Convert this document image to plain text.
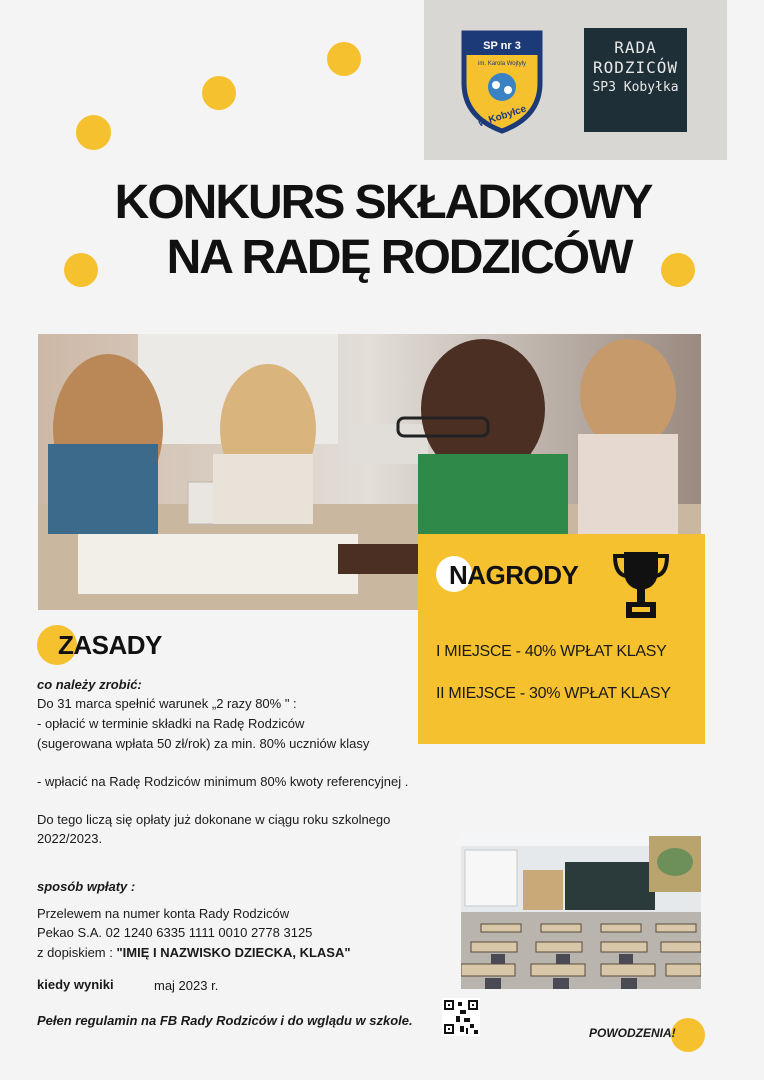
SP nr 3
im. Karola Wojtyły
w Kobyłce
RADA
RODZICÓW
SP3 Kobyłka
KONKURS SKŁADKOWY
NA RADĘ RODZICÓW
NAGRODY
I MIEJSCE - 40% WPŁAT KLASY
II MIEJSCE - 30% WPŁAT KLASY
ZASADY
co należy zrobić:
Do 31 marca spełnić warunek „2 razy 80% " :
- opłacić w terminie składki na Radę Rodziców
(sugerowana wpłata 50 zł/rok) za min. 80% uczniów klasy
- wpłacić na Radę Rodziców minimum 80% kwoty referencyjnej .
Do tego liczą się opłaty już dokonane w ciągu roku szkolnego
2022/2023.
sposób wpłaty :
Przelewem na numer konta Rady Rodziców
Pekao S.A. 02 1240 6335 1111 0010 2778 3125
z dopiskiem : "IMIĘ I NAZWISKO DZIECKA, KLASA"
kiedy wyniki	maj 2023 r.
Pełen regulamin na FB Rady Rodziców i do wglądu w szkole.
POWODZENIA!
